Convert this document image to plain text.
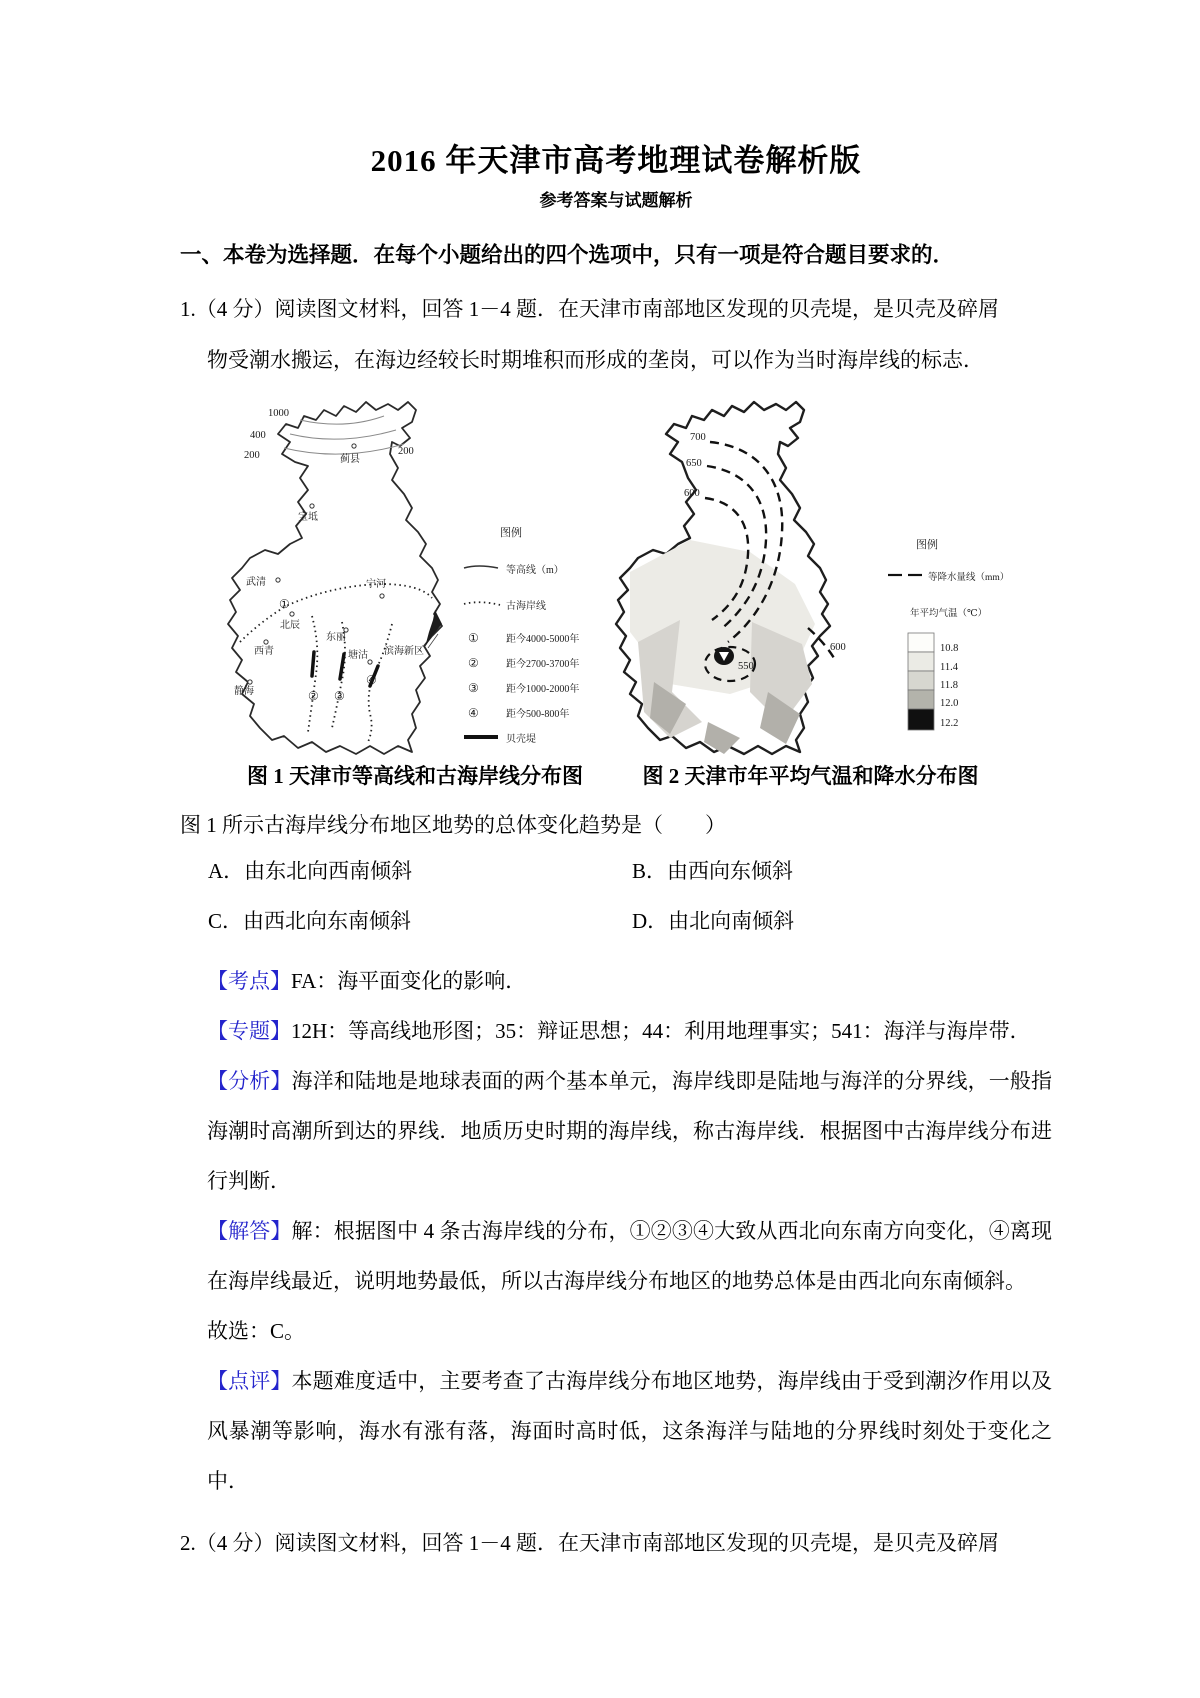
2016 年天津市高考地理试卷解析版
参考答案与试题解析
一、本卷为选择题．在每个小题给出的四个选项中，只有一项是符合题目要求的．

1.（4 分）阅读图文材料，回答 1－4 题．在天津市南部地区发现的贝壳堤，是贝壳及碎屑
物受潮水搬运，在海边经较长时期堆积而形成的垄岗，可以作为当时海岸线的标志．

1000
400
200	200
①
② ③
④
蓟县
宝坻
武清	宁河
北辰
东丽
塘沽
西青
静海
滨海新区
图例
等高线（m）
古海岸线
①	距今4000-5000年
②	距今2700-3700年
③	距今1000-2000年
④	距今500-800年
贝壳堤
700
650
600
600
550
图例
等降水量线（mm）
年平均气温（℃）
10.8
11.4
11.8
12.0
12.2
图 1 天津市等高线和古海岸线分布图	图 2 天津市年平均气温和降水分布图

图 1 所示古海岸线分布地区地势的总体变化趋势是（　　）

A．由东北向西南倾斜	B．由西向东倾斜
C．由西北向东南倾斜	D．由北向南倾斜

【考点】FA：海平面变化的影响．

【专题】12H：等高线地形图；35：辩证思想；44：利用地理事实；541：海洋与海岸带．

【分析】海洋和陆地是地球表面的两个基本单元，海岸线即是陆地与海洋的分界线，一般指海潮时高潮所到达的界线．地质历史时期的海岸线，称古海岸线．根据图中古海岸线分布进行判断．

【解答】解：根据图中 4 条古海岸线的分布，①②③④大致从西北向东南方向变化，④离现在海岸线最近，说明地势最低，所以古海岸线分布地区的地势总体是由西北向东南倾斜。

故选：C。

【点评】本题难度适中，主要考查了古海岸线分布地区地势，海岸线由于受到潮汐作用以及风暴潮等影响，海水有涨有落，海面时高时低，这条海洋与陆地的分界线时刻处于变化之中．

2.（4 分）阅读图文材料，回答 1－4 题．在天津市南部地区发现的贝壳堤，是贝壳及碎屑
